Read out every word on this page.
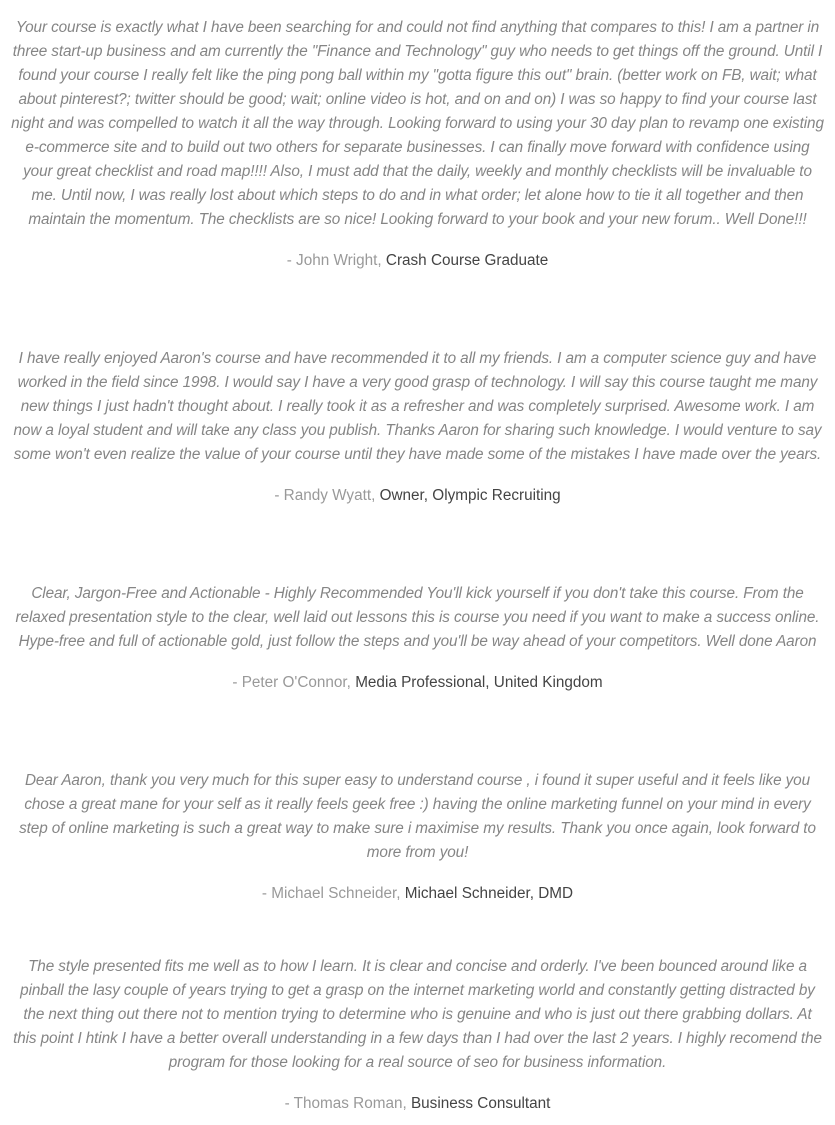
Your course is exactly what I have been searching for and could not find anything that compares to this! I am a partner in three start-up business and am currently the "Finance and Technology" guy who needs to get things off the ground. Until I found your course I really felt like the ping pong ball within my "gotta figure this out" brain. (better work on FB, wait; what about pinterest?; twitter should be good; wait; online video is hot, and on and on) I was so happy to find your course last night and was compelled to watch it all the way through. Looking forward to using your 30 day plan to revamp one existing e-commerce site and to build out two others for separate businesses. I can finally move forward with confidence using your great checklist and road map!!!! Also, I must add that the daily, weekly and monthly checklists will be invaluable to me. Until now, I was really lost about which steps to do and in what order; let alone how to tie it all together and then maintain the momentum. The checklists are so nice! Looking forward to your book and your new forum.. Well Done!!!

- John Wright, Crash Course Graduate

I have really enjoyed Aaron's course and have recommended it to all my friends. I am a computer science guy and have worked in the field since 1998. I would say I have a very good grasp of technology. I will say this course taught me many new things I just hadn't thought about. I really took it as a refresher and was completely surprised. Awesome work. I am now a loyal student and will take any class you publish. Thanks Aaron for sharing such knowledge. I would venture to say some won't even realize the value of your course until they have made some of the mistakes I have made over the years.

- Randy Wyatt, Owner, Olympic Recruiting

Clear, Jargon-Free and Actionable - Highly Recommended You'll kick yourself if you don't take this course. From the relaxed presentation style to the clear, well laid out lessons this is course you need if you want to make a success online. Hype-free and full of actionable gold, just follow the steps and you'll be way ahead of your competitors. Well done Aaron

- Peter O'Connor, Media Professional, United Kingdom

Dear Aaron, thank you very much for this super easy to understand course , i found it super useful and it feels like you chose a great mane for your self as it really feels geek free :) having the online marketing funnel on your mind in every step of online marketing is such a great way to make sure i maximise my results. Thank you once again, look forward to more from you!

- Michael Schneider, Michael Schneider, DMD

The style presented fits me well as to how I learn. It is clear and concise and orderly. I've been bounced around like a pinball the lasy couple of years trying to get a grasp on the internet marketing world and constantly getting distracted by the next thing out there not to mention trying to determine who is genuine and who is just out there grabbing dollars. At this point I htink I have a better overall understanding in a few days than I had over the last 2 years. I highly recomend the program for those looking for a real source of seo for business information.

- Thomas Roman, Business Consultant
